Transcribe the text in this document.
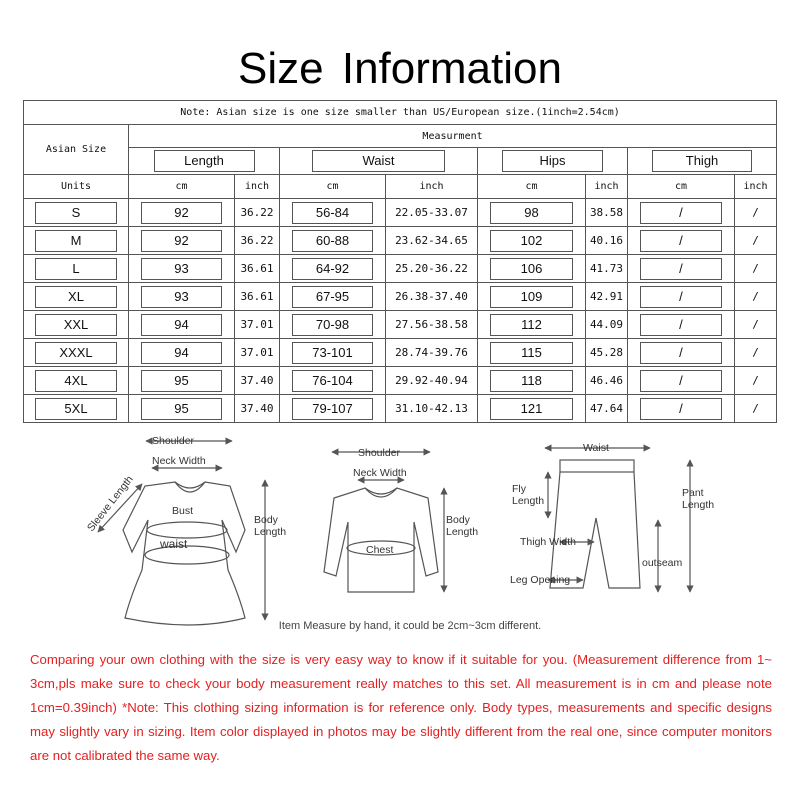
Size Information
Note: Asian size is one size smaller than US/European size.(1inch=2.54cm)								
Asian Size	Measurment							
	Length		Waist		Hips		Thigh	
Units	cm	inch	cm	inch	cm	inch	cm	inch
S	92	36.22	56-84	22.05-33.07	98	38.58	/	/
M	92	36.22	60-88	23.62-34.65	102	40.16	/	/
L	93	36.61	64-92	25.20-36.22	106	41.73	/	/
XL	93	36.61	67-95	26.38-37.40	109	42.91	/	/
XXL	94	37.01	70-98	27.56-38.58	112	44.09	/	/
XXXL	94	37.01	73-101	28.74-39.76	115	45.28	/	/
4XL	95	37.40	76-104	29.92-40.94	118	46.46	/	/
5XL	95	37.40	79-107	31.10-42.13	121	47.64	/	/
Shoulder
Neck Width
Bust
waist
Body Length
Sleeve Length
Shoulder
Neck Width
Chest
Body Length
Waist
Fly Length
Pant Length
Thigh Width
outseam
Leg Opening
Item Measure by hand, it could be 2cm~3cm different.
Comparing your own clothing with the size is very easy way to know if it suitable for you. (Measurement difference from 1~ 3cm,pls make sure to check your body measurement really matches to this set. All measurement is in cm and please note 1cm=0.39inch) *Note: This clothing sizing information is for reference only. Body types, measurements and specific designs may slightly vary in sizing. Item color displayed in photos may be slightly different from the real one, since computer monitors are not calibrated the same way.
